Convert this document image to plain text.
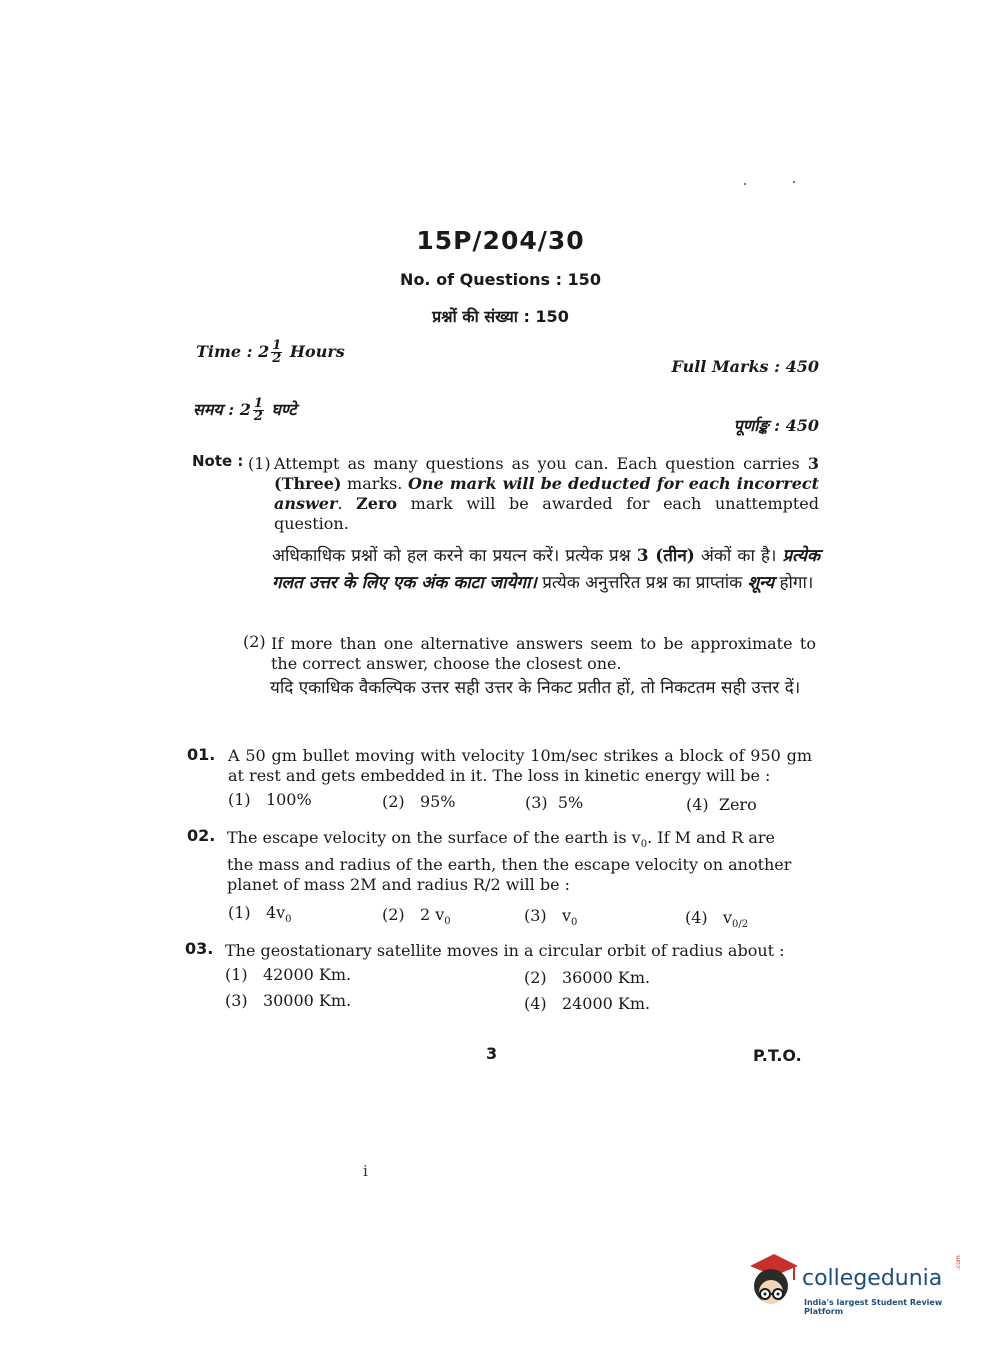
15P/204/30
No. of Questions : 150
प्रश्नों की संख्या : 150
Time : $2 \frac{1}{2}$ Hours
Full Marks : 450
समय : $2 \frac{1}{2}$ घण्टे
पूर्णाङ्क : 450
Note : (1) Attempt as many questions as you can. Each question carries 3 (Three) marks. One mark will be deducted for each incorrect answer. Zero mark will be awarded for each unattempted question.
अधिकाधिक प्रश्नों को हल करने का प्रयत्न करें। प्रत्येक प्रश्न 3 (तीन) अंकों का है। प्रत्येक गलत उत्तर के लिए एक अंक काटा जायेगा। प्रत्येक अनुत्तरित प्रश्न का प्राप्तांक शून्य होगा।
(2) If more than one alternative answers seem to be approximate to the correct answer, choose the closest one.
यदि एकाधिक वैकल्पिक उत्तर सही उत्तर के निकट प्रतीत हों, तो निकटतम सही उत्तर दें।
01. A 50 gm bullet moving with velocity 10m/sec strikes a block of 950 gm at rest and gets embedded in it. The loss in kinetic energy will be :
(1) 100%	(2) 95%	(3) 5%	(4) Zero
02. The escape velocity on the surface of the earth is $v_0$. If M and R are the mass and radius of the earth, then the escape velocity on another planet of mass 2M and radius R/2 will be :
(1) $4v_0$	(2) 2 $v_0$	(3) $v_0$	(4) $v_{0/2}$
03. The geostationary satellite moves in a circular orbit of radius about :
(1) 42000 Km.	(2) 36000 Km.
(3) 30000 Km.	(4) 24000 Km.
3	P.T.O.
i
collegedunia
.com
India's largest Student Review Platform
